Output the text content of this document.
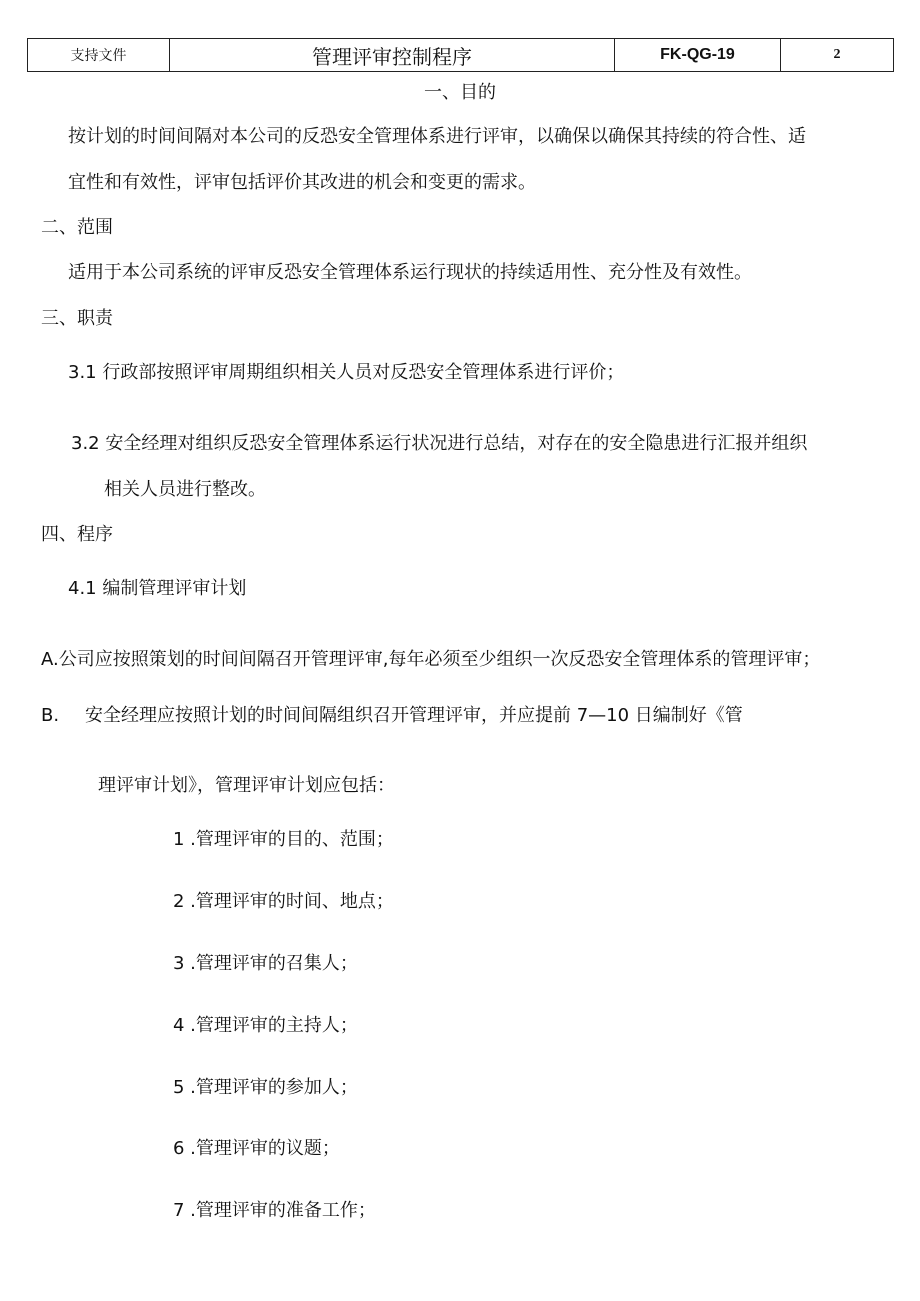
支持文件	管理评审控制程序	FK-QG-19	2
一、目的
按计划的时间间隔对本公司的反恐安全管理体系进行评审，以确保以确保其持续的符合性、适
宜性和有效性，评审包括评价其改进的机会和变更的需求。
二、范围
适用于本公司系统的评审反恐安全管理体系运行现状的持续适用性、充分性及有效性。
三、职责
3.1 行政部按照评审周期组织相关人员对反恐安全管理体系进行评价；
3.2 安全经理对组织反恐安全管理体系运行状况进行总结，对存在的安全隐患进行汇报并组织
相关人员进行整改。
四、程序
4.1 编制管理评审计划
A.公司应按照策划的时间间隔召开管理评审,每年必须至少组织一次反恐安全管理体系的管理评审；
B. 安全经理应按照计划的时间间隔组织召开管理评审，并应提前 7—10 日编制好《管
理评审计划》，管理评审计划应包括：
1 .管理评审的目的、范围；
2 .管理评审的时间、地点；
3 .管理评审的召集人；
4 .管理评审的主持人；
5 .管理评审的参加人；
6 .管理评审的议题；
7 .管理评审的准备工作；
